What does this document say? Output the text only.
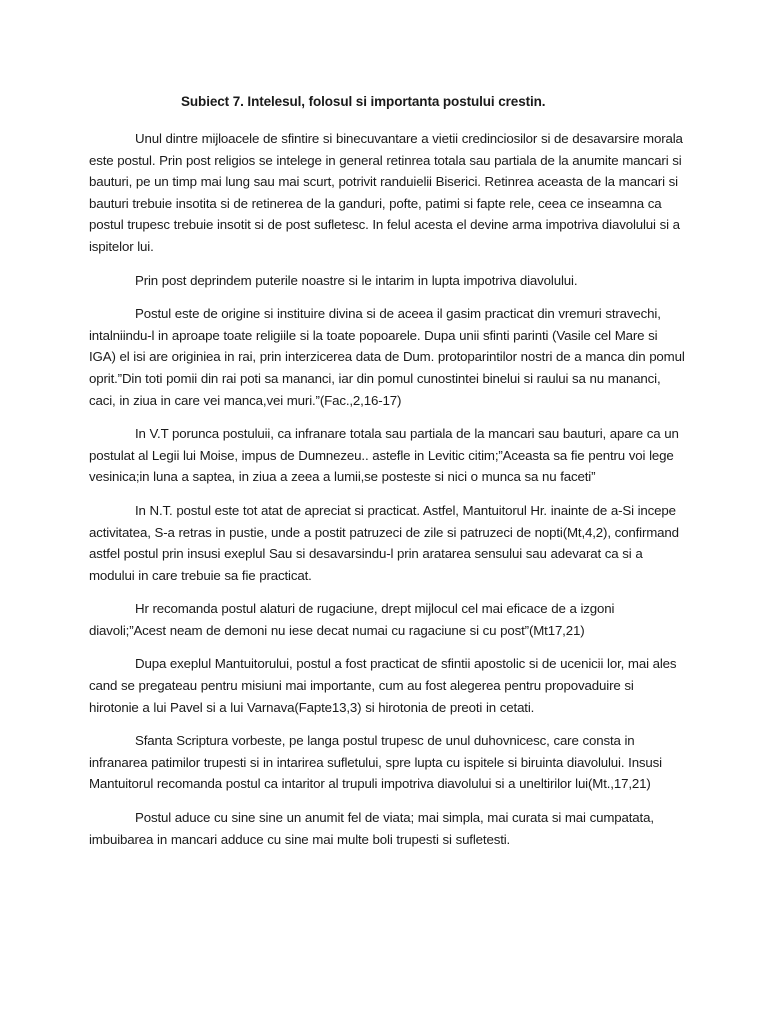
Subiect 7. Intelesul, folosul si importanta postului crestin.

Unul dintre mijloacele de sfintire si binecuvantare a vietii credinciosilor si de desavarsire morala este postul. Prin post religios se intelege in general retinrea totala sau partiala de la anumite mancari si bauturi, pe un timp mai lung sau mai scurt, potrivit randuielii Biserici. Retinrea aceasta de la mancari si bauturi trebuie insotita si de retinerea de la ganduri, pofte, patimi si fapte rele, ceea ce inseamna ca postul trupesc trebuie insotit si de post sufletesc. In felul acesta el devine arma impotriva diavolului si a ispitelor lui.

Prin post deprindem puterile noastre si le intarim in lupta impotriva diavolului.

Postul este de origine si instituire divina si de aceea il gasim practicat din vremuri stravechi, intalniindu-l in aproape toate religiile si la toate popoarele. Dupa unii sfinti parinti (Vasile cel Mare si IGA) el isi are originiea in rai, prin interzicerea data de Dum. protoparintilor nostri de a manca din pomul oprit.”Din toti pomii din rai poti sa mananci, iar din pomul cunostintei binelui si raului sa nu mananci, caci, in ziua in care vei manca,vei muri.”(Fac.,2,16-17)

In V.T porunca postuluii, ca infranare totala sau partiala de la mancari sau bauturi, apare ca un postulat al Legii lui Moise, impus de Dumnezeu.. astefle in Levitic citim;”Aceasta sa fie pentru voi lege vesinica;in luna a saptea, in ziua a zeea a lumii,se posteste si nici o munca sa nu faceti”

In N.T. postul este tot atat de apreciat si practicat. Astfel, Mantuitorul Hr. inainte de a-Si incepe activitatea, S-a retras in pustie, unde a postit patruzeci de zile si patruzeci de nopti(Mt,4,2), confirmand astfel postul prin insusi exeplul Sau si desavarsindu-l prin aratarea sensului sau adevarat ca si a modului in care trebuie sa fie practicat.

Hr recomanda postul alaturi de rugaciune, drept mijlocul cel mai eficace de a izgoni diavoli;”Acest neam de demoni nu iese decat numai cu ragaciune si cu post”(Mt17,21)

Dupa exeplul Mantuitorului, postul a fost practicat de sfintii apostolic si de ucenicii lor, mai ales cand se pregateau pentru misiuni mai importante, cum au fost alegerea pentru propovaduire si hirotonie a lui Pavel si a lui Varnava(Fapte13,3) si hirotonia de preoti in cetati.

Sfanta Scriptura vorbeste, pe langa postul trupesc de unul duhovnicesc, care consta in infranarea patimilor trupesti si in intarirea sufletului, spre lupta cu ispitele si biruinta diavolului. Insusi Mantuitorul recomanda postul ca intaritor al trupuli impotriva diavolului si a uneltirilor lui(Mt.,17,21)

Postul aduce cu sine sine un anumit fel de viata; mai simpla, mai curata si mai cumpatata, imbuibarea in mancari adduce cu sine mai multe boli trupesti si sufletesti.
